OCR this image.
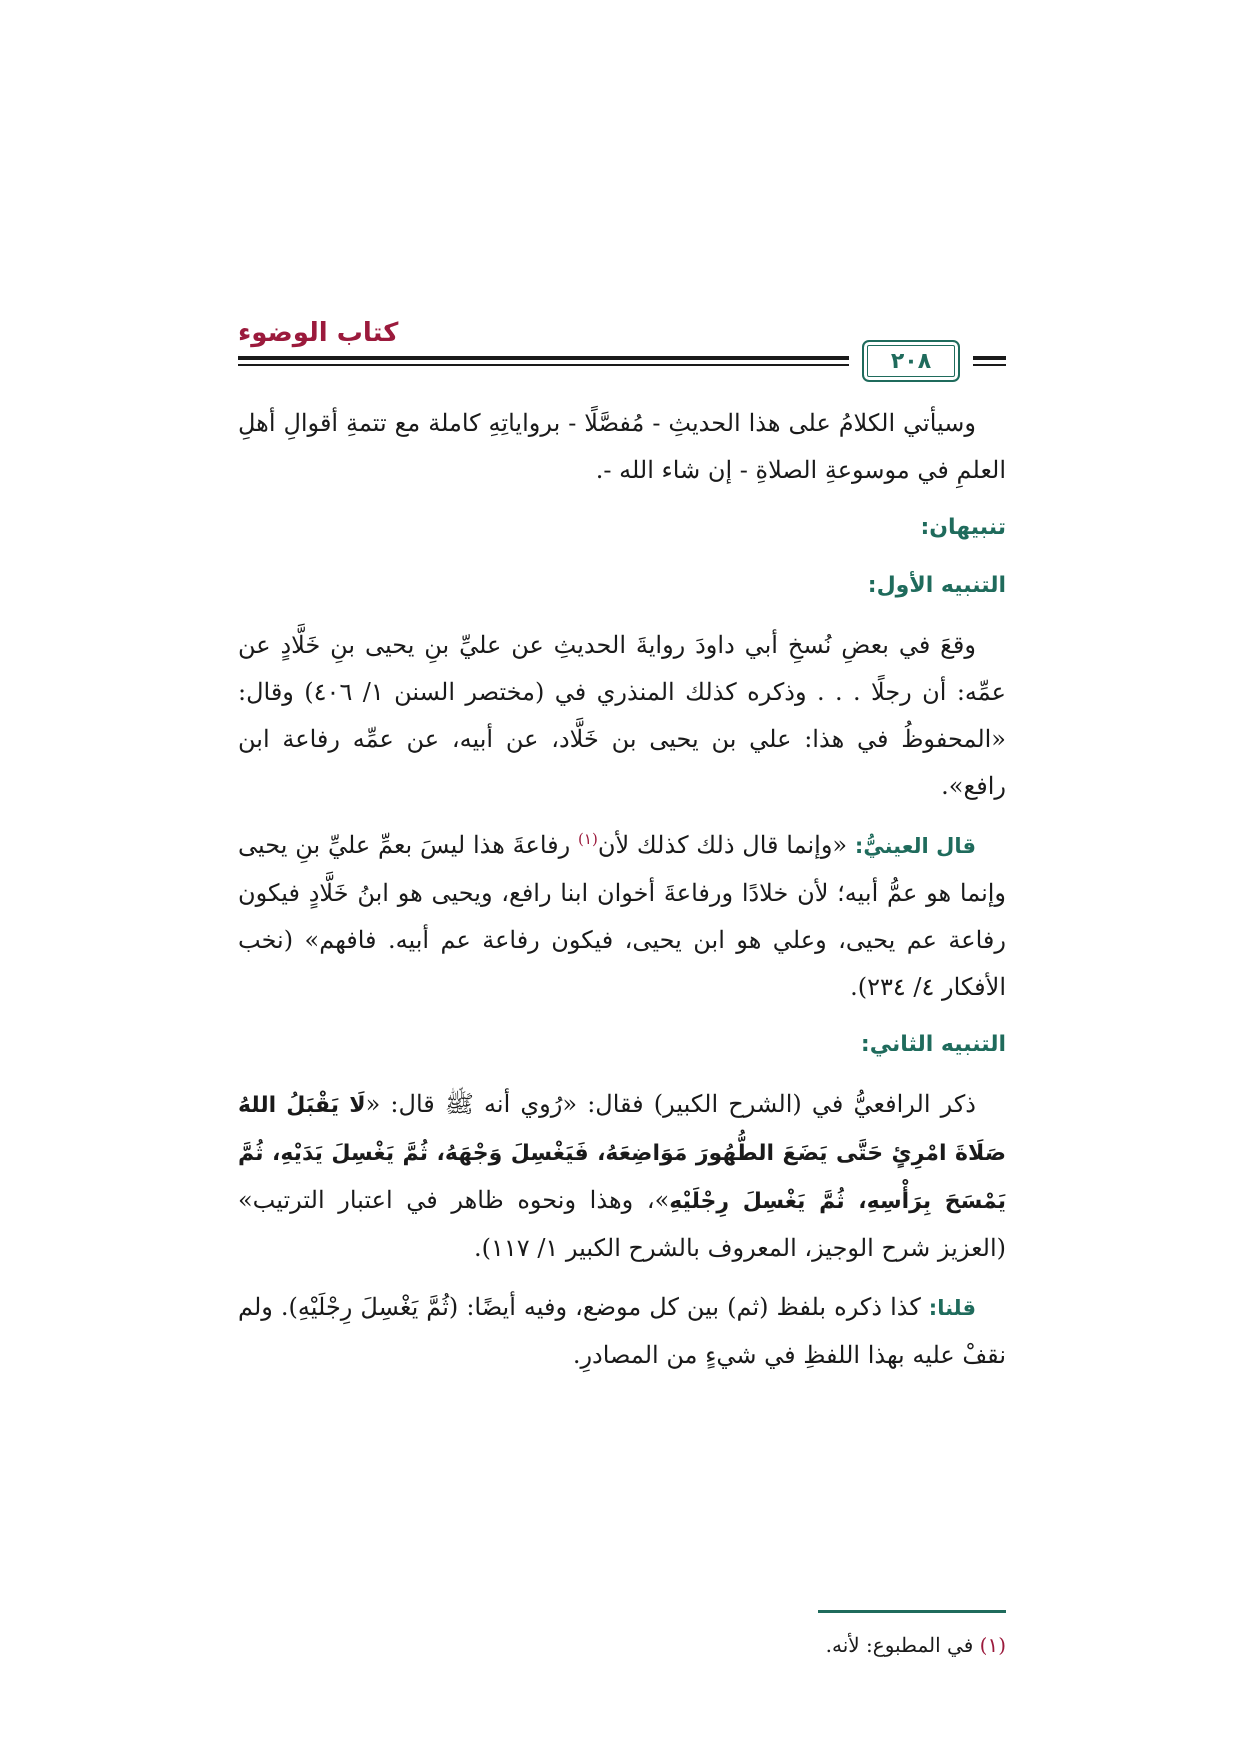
٢٠٨
كتاب الوضوء

وسيأتي الكلامُ على هذا الحديثِ - مُفصَّلًا - برواياتِهِ كاملة مع تتمةِ أقوالِ أهلِ العلمِ في موسوعةِ الصلاةِ - إن شاء الله -.

تنبيهان:
التنبيه الأول:

وقعَ في بعضِ نُسخِ أبي داودَ روايةَ الحديثِ عن عليِّ بنِ يحيى بنِ خَلَّادٍ عن عمِّه: أن رجلًا . . . وذكره كذلك المنذري في (مختصر السنن ١/ ٤٠٦) وقال: «المحفوظُ في هذا: علي بن يحيى بن خَلَّاد، عن أبيه، عن عمِّه رفاعة ابن رافع».

قال العينيُّ: «وإنما قال ذلك كذلك لأن$^{(١)}$ رفاعةَ هذا ليسَ بعمِّ عليِّ بنِ يحيى وإنما هو عمُّ أبيه؛ لأن خلادًا ورفاعةَ أخوان ابنا رافع، ويحيى هو ابنُ خَلَّادٍ فيكون رفاعة عم يحيى، وعلي هو ابن يحيى، فيكون رفاعة عم أبيه. فافهم» (نخب الأفكار ٤/ ٢٣٤).

التنبيه الثاني:

ذكر الرافعيُّ في (الشرح الكبير) فقال: «رُوي أنه ﷺ قال: «لَا يَقْبَلُ اللهُ صَلَاةَ امْرِئٍ حَتَّى يَضَعَ الطُّهُورَ مَوَاضِعَهُ، فَيَغْسِلَ وَجْهَهُ، ثُمَّ يَغْسِلَ يَدَيْهِ، ثُمَّ يَمْسَحَ بِرَأْسِهِ، ثُمَّ يَغْسِلَ رِجْلَيْهِ»، وهذا ونحوه ظاهر في اعتبار الترتيب» (العزيز شرح الوجيز، المعروف بالشرح الكبير ١/ ١١٧).

قلنا: كذا ذكره بلفظ (ثم) بين كل موضع، وفيه أيضًا: (ثُمَّ يَغْسِلَ رِجْلَيْهِ). ولم نقفْ عليه بهذا اللفظِ في شيءٍ من المصادرِ.

(١) في المطبوع: لأنه.
